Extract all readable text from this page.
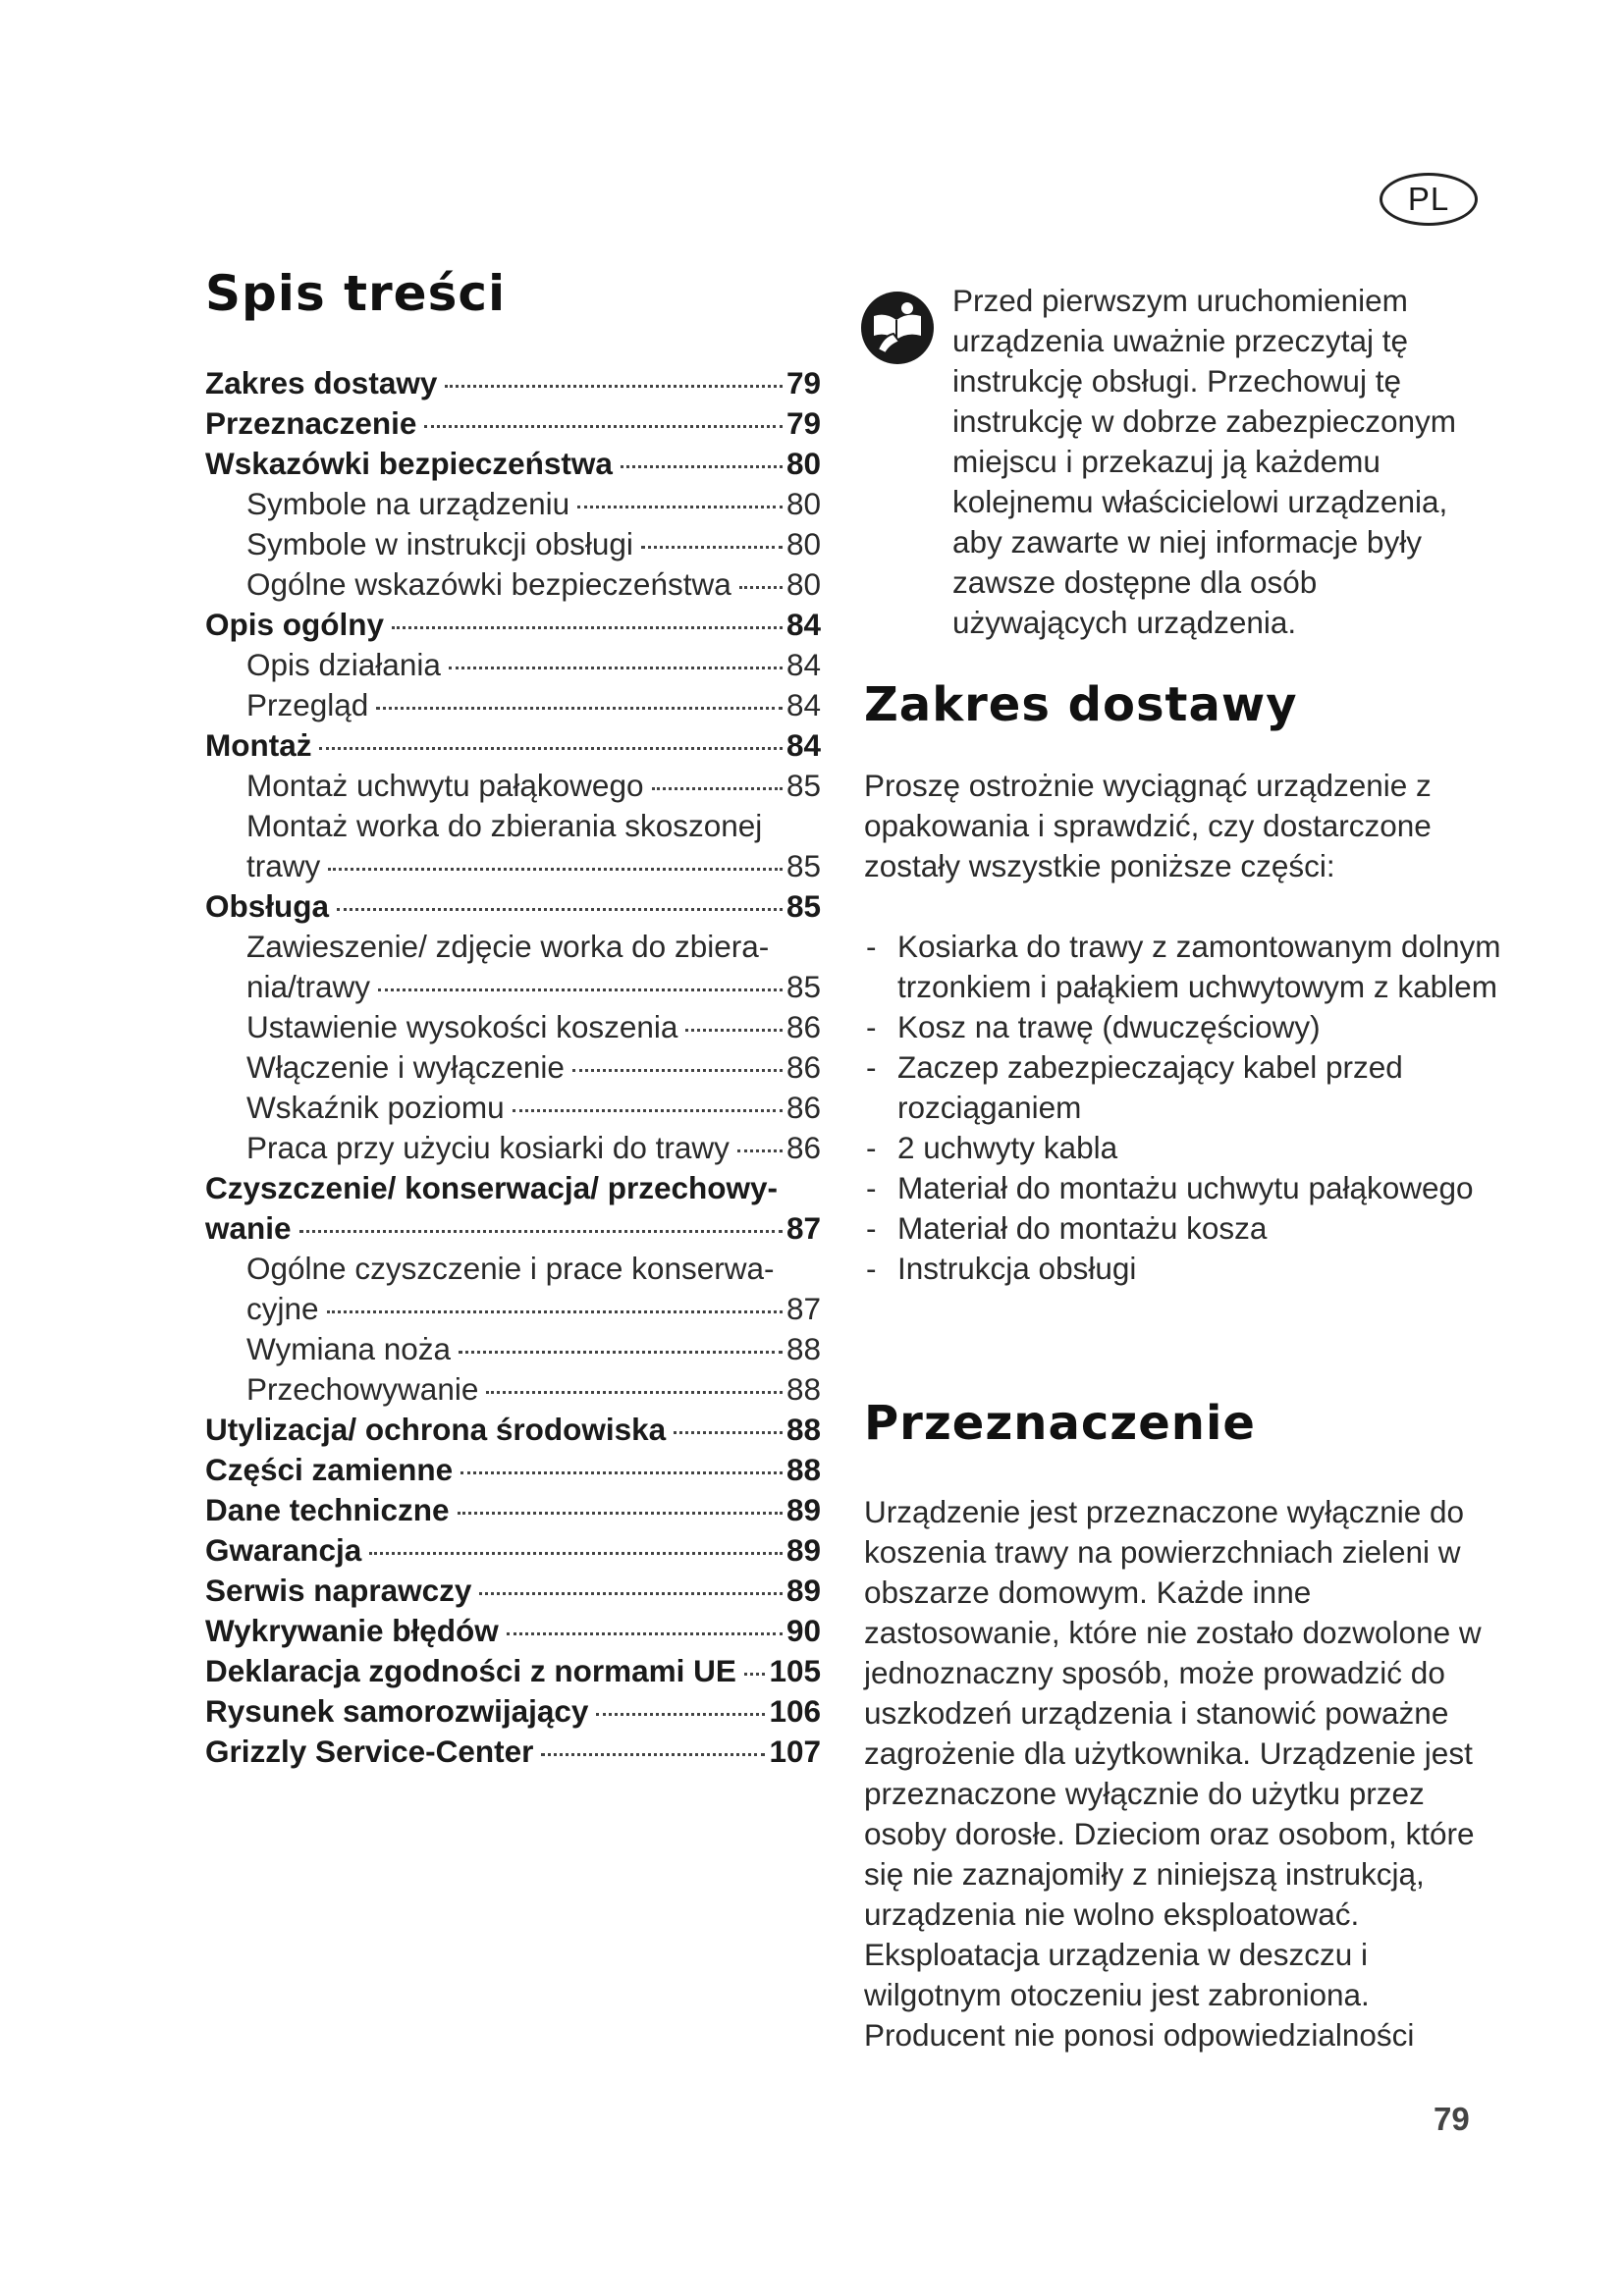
PL
Spis treści
Zakres dostawy	79
Przeznaczenie	79
Wskazówki bezpieczeństwa	80
Symbole na urządzeniu	80
Symbole w instrukcji obsługi	80
Ogólne wskazówki bezpieczeństwa 80
Opis ogólny	84
Opis działania	84
Przegląd	84
Montaż	84
Montaż uchwytu pałąkowego	85
Montaż worka do zbierania skoszonej
trawy	85
Obsługa	85
Zawieszenie/ zdjęcie worka do zbiera-
nia/trawy	85
Ustawienie wysokości koszenia	86
Włączenie i wyłączenie	86
Wskaźnik poziomu	86
Praca przy użyciu kosiarki do trawy 86
Czyszczenie/ konserwacja/ przechowy-
wanie	87
Ogólne czyszczenie i prace konserwa-
cyjne	87
Wymiana noża	88
Przechowywanie	88
Utylizacja/ ochrona środowiska	88
Części zamienne	88
Dane techniczne	89
Gwarancja	89
Serwis naprawczy	89
Wykrywanie błędów	90
Deklaracja zgodności z normami UE 105
Rysunek samorozwijający	106
Grizzly Service-Center	107

Przed pierwszym uruchomieniem urządzenia uważnie przeczytaj tę instrukcję obsługi. Przechowuj tę instrukcję w dobrze zabezpieczonym miejscu i przekazuj ją każdemu kolejnemu właścicielowi urządzenia, aby zawarte w niej informacje były zawsze dostępne dla osób używających urządzenia.

Zakres dostawy

Proszę ostrożnie wyciągnąć urządzenie z opakowania i sprawdzić, czy dostarczone zostały wszystkie poniższe części:

- Kosiarka do trawy z zamontowanym dolnym trzonkiem i pałąkiem uchwytowym z kablem
- Kosz na trawę (dwuczęściowy)
- Zaczep zabezpieczający kabel przed rozciąganiem
- 2 uchwyty kabla
- Materiał do montażu uchwytu pałąkowego
- Materiał do montażu kosza
- Instrukcja obsługi
Przeznaczenie

Urządzenie jest przeznaczone wyłącznie do koszenia trawy na powierzchniach zieleni w obszarze domowym. Każde inne zastosowanie, które nie zostało dozwolone w jednoznaczny sposób, może prowadzić do uszkodzeń urządzenia i stanowić poważne zagrożenie dla użytkownika. Urządzenie jest przeznaczone wyłącznie do użytku przez osoby dorosłe. Dzieciom oraz osobom, które się nie zaznajomiły z niniejszą instrukcją, urządzenia nie wolno eksploatować. Eksploatacja urządzenia w deszczu i wilgotnym otoczeniu jest zabroniona. Producent nie ponosi odpowiedzialności

79
